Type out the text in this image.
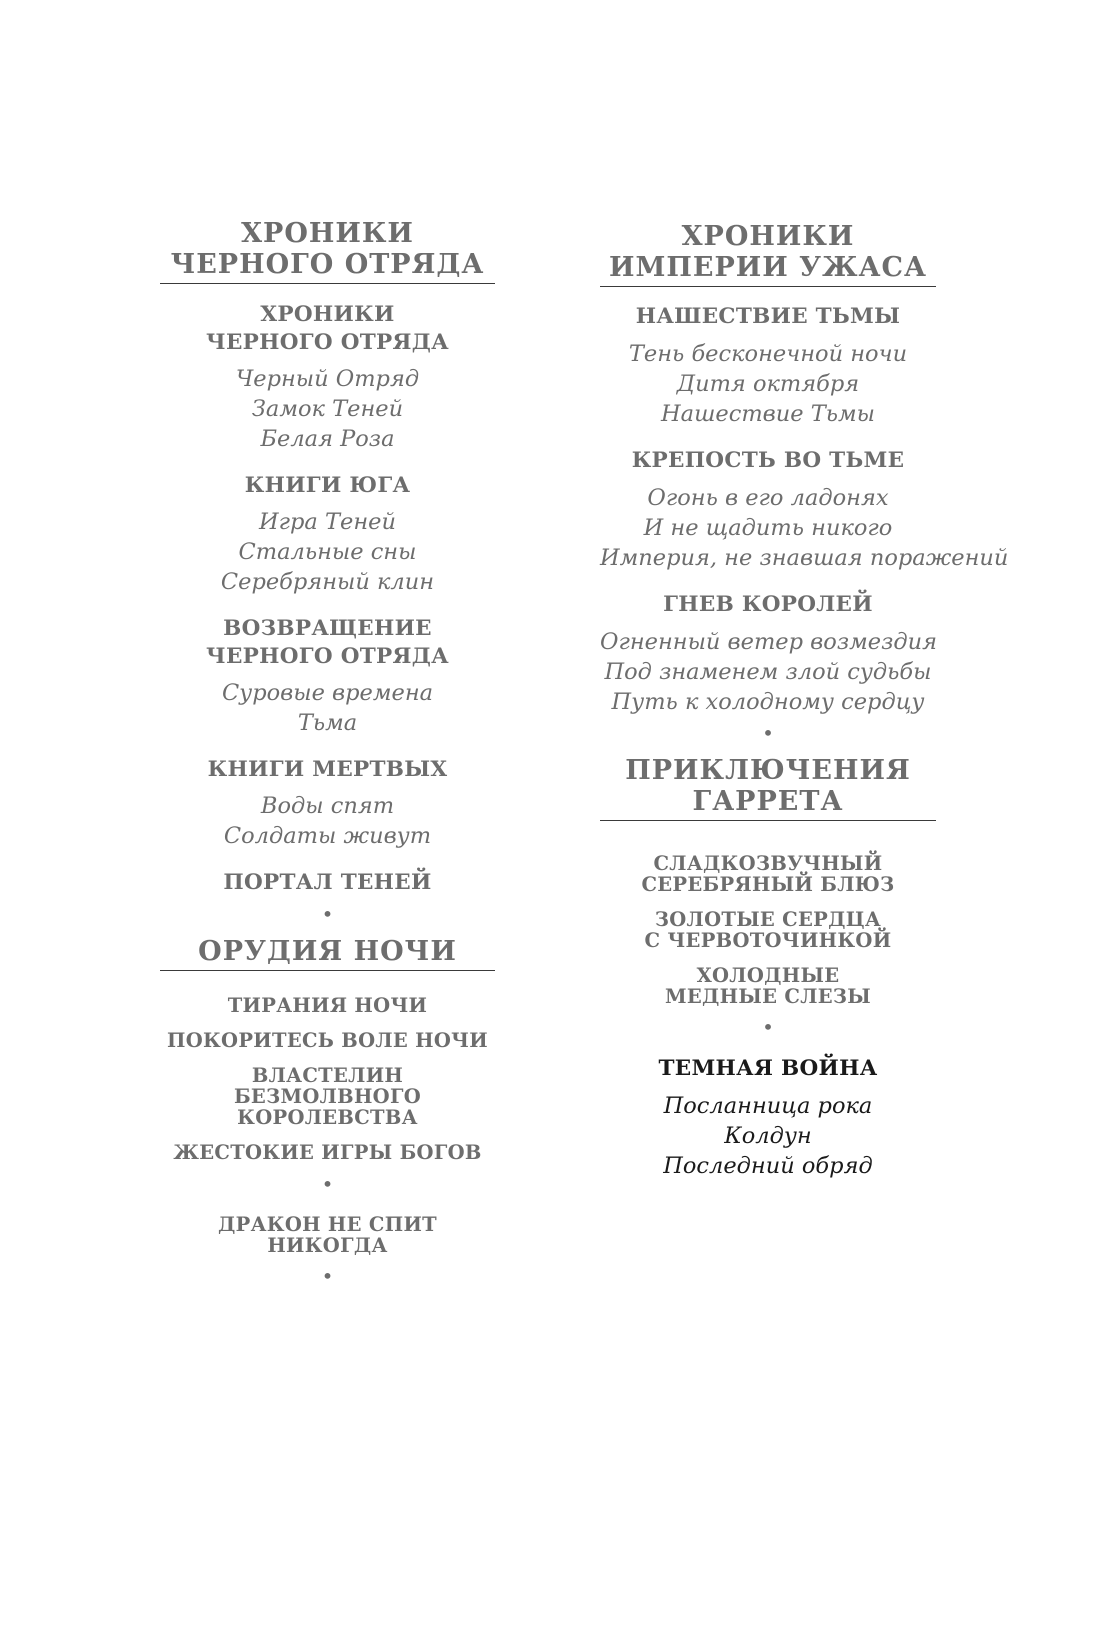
ХРОНИКИ
ЧЕРНОГО ОТРЯДА
ХРОНИКИ
ЧЕРНОГО ОТРЯДА
Черный Отряд
Замок Теней
Белая Роза
КНИГИ ЮГА
Игра Теней
Стальные сны
Серебряный клин
ВОЗВРАЩЕНИЕ
ЧЕРНОГО ОТРЯДА
Суровые времена
Тьма
КНИГИ МЕРТВЫХ
Воды спят
Солдаты живут
ПОРТАЛ ТЕНЕЙ
•
ОРУДИЯ НОЧИ
ТИРАНИЯ НОЧИ
ПОКОРИТЕСЬ ВОЛЕ НОЧИ
ВЛАСТЕЛИН БЕЗМОЛВНОГО
КОРОЛЕВСТВА
ЖЕСТОКИЕ ИГРЫ БОГОВ
•
ДРАКОН НЕ СПИТ НИКОГДА
•
ХРОНИКИ
ИМПЕРИИ УЖАСА
НАШЕСТВИЕ ТЬМЫ
Тень бесконечной ночи
Дитя октября
Нашествие Тьмы
КРЕПОСТЬ ВО ТЬМЕ
Огонь в его ладонях
И не щадить никого
Империя, не знавшая поражений
ГНЕВ КОРОЛЕЙ
Огненный ветер возмездия
Под знаменем злой судьбы
Путь к холодному сердцу
•
ПРИКЛЮЧЕНИЯ
ГАРРЕТА
СЛАДКОЗВУЧНЫЙ
СЕРЕБРЯНЫЙ БЛЮЗ
ЗОЛОТЫЕ СЕРДЦА
С ЧЕРВОТОЧИНКОЙ
ХОЛОДНЫЕ
МЕДНЫЕ СЛЕЗЫ
•
ТЕМНАЯ ВОЙНА
Посланница рока
Колдун
Последний обряд
